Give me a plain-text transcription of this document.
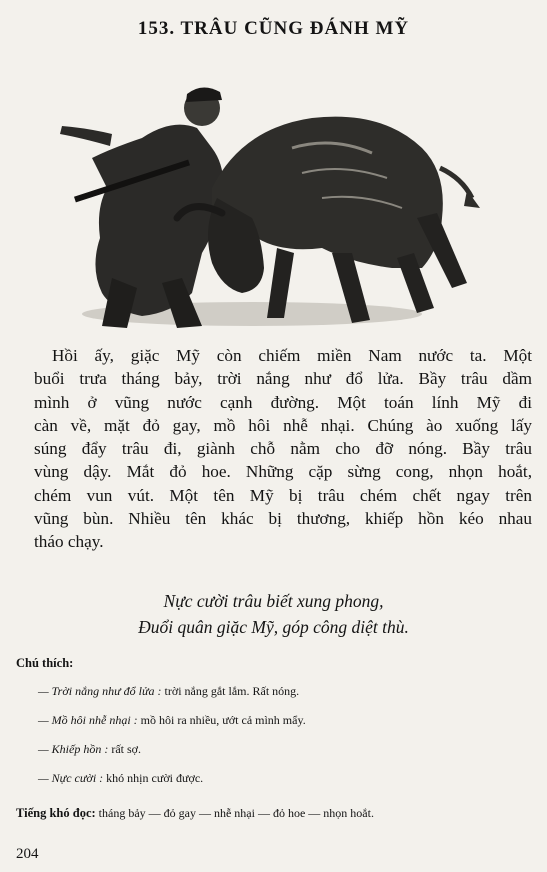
153. TRÂU CŨNG ĐÁNH MỸ

Hồi ấy, giặc Mỹ còn chiếm miền Nam nước ta. Một
buổi trưa tháng bảy, trời nắng như đổ lửa. Bầy trâu dầm
mình ở vũng nước cạnh đường. Một toán lính Mỹ đi
càn về, mặt đỏ gay, mồ hôi nhễ nhại. Chúng ào xuống lấy
súng đẩy trâu đi, giành chỗ nằm cho đỡ nóng. Bầy trâu
vùng dậy. Mắt đỏ hoe. Những cặp sừng cong, nhọn hoắt,
chém vun vút. Một tên Mỹ bị trâu chém chết ngay trên
vũng bùn. Nhiều tên khác bị thương, khiếp hồn kéo nhau
tháo chạy.

Nực cười trâu biết xung phong,
Đuổi quân giặc Mỹ, góp công diệt thù.
Chú thích:
— Trời nắng như đổ lửa : trời nắng gắt lắm. Rất nóng.
— Mồ hôi nhễ nhại : mồ hôi ra nhiều, ướt cả mình mẩy.
— Khiếp hồn : rất sợ.
— Nực cười : khó nhịn cười được.
Tiếng khó đọc: tháng bảy — đỏ gay — nhễ nhại — đỏ hoe — nhọn hoắt.
204
